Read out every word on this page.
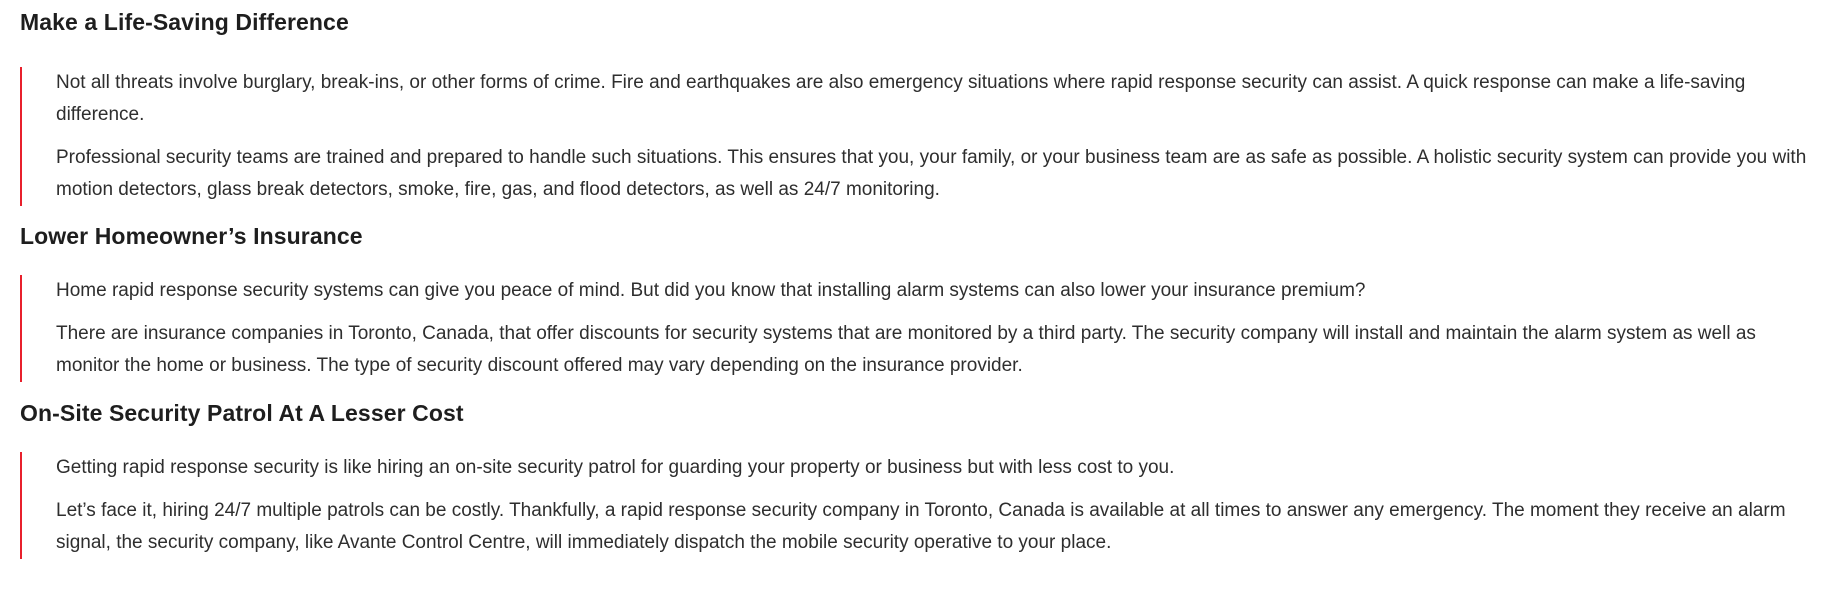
Make a Life-Saving Difference

Not all threats involve burglary, break-ins, or other forms of crime. Fire and earthquakes are also emergency situations where rapid response security can assist. A quick response can make a life-saving difference.

Professional security teams are trained and prepared to handle such situations. This ensures that you, your family, or your business team are as safe as possible. A holistic security system can provide you with motion detectors, glass break detectors, smoke, fire, gas, and flood detectors, as well as 24/7 monitoring.

Lower Homeowner’s Insurance

Home rapid response security systems can give you peace of mind. But did you know that installing alarm systems can also lower your insurance premium?

There are insurance companies in Toronto, Canada, that offer discounts for security systems that are monitored by a third party. The security company will install and maintain the alarm system as well as monitor the home or business. The type of security discount offered may vary depending on the insurance provider.

On-Site Security Patrol At A Lesser Cost

Getting rapid response security is like hiring an on-site security patrol for guarding your property or business but with less cost to you.

Let’s face it, hiring 24/7 multiple patrols can be costly. Thankfully, a rapid response security company in Toronto, Canada is available at all times to answer any emergency. The moment they receive an alarm signal, the security company, like Avante Control Centre, will immediately dispatch the mobile security operative to your place.
